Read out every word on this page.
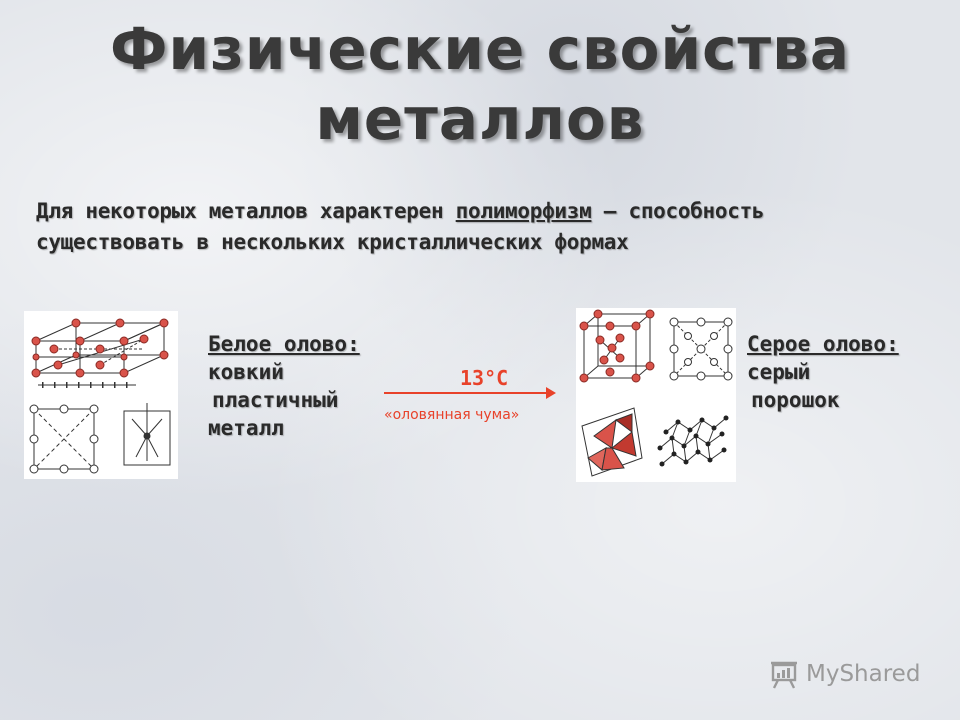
Физические свойства
металлов
Для некоторых металлов характерен полиморфизм – способность существовать в нескольких кристаллических формах
Белое олово:
ковкий
пластичный
металл
13°C
«оловянная чума»
Серое олово:
серый
порошок
MyShared
